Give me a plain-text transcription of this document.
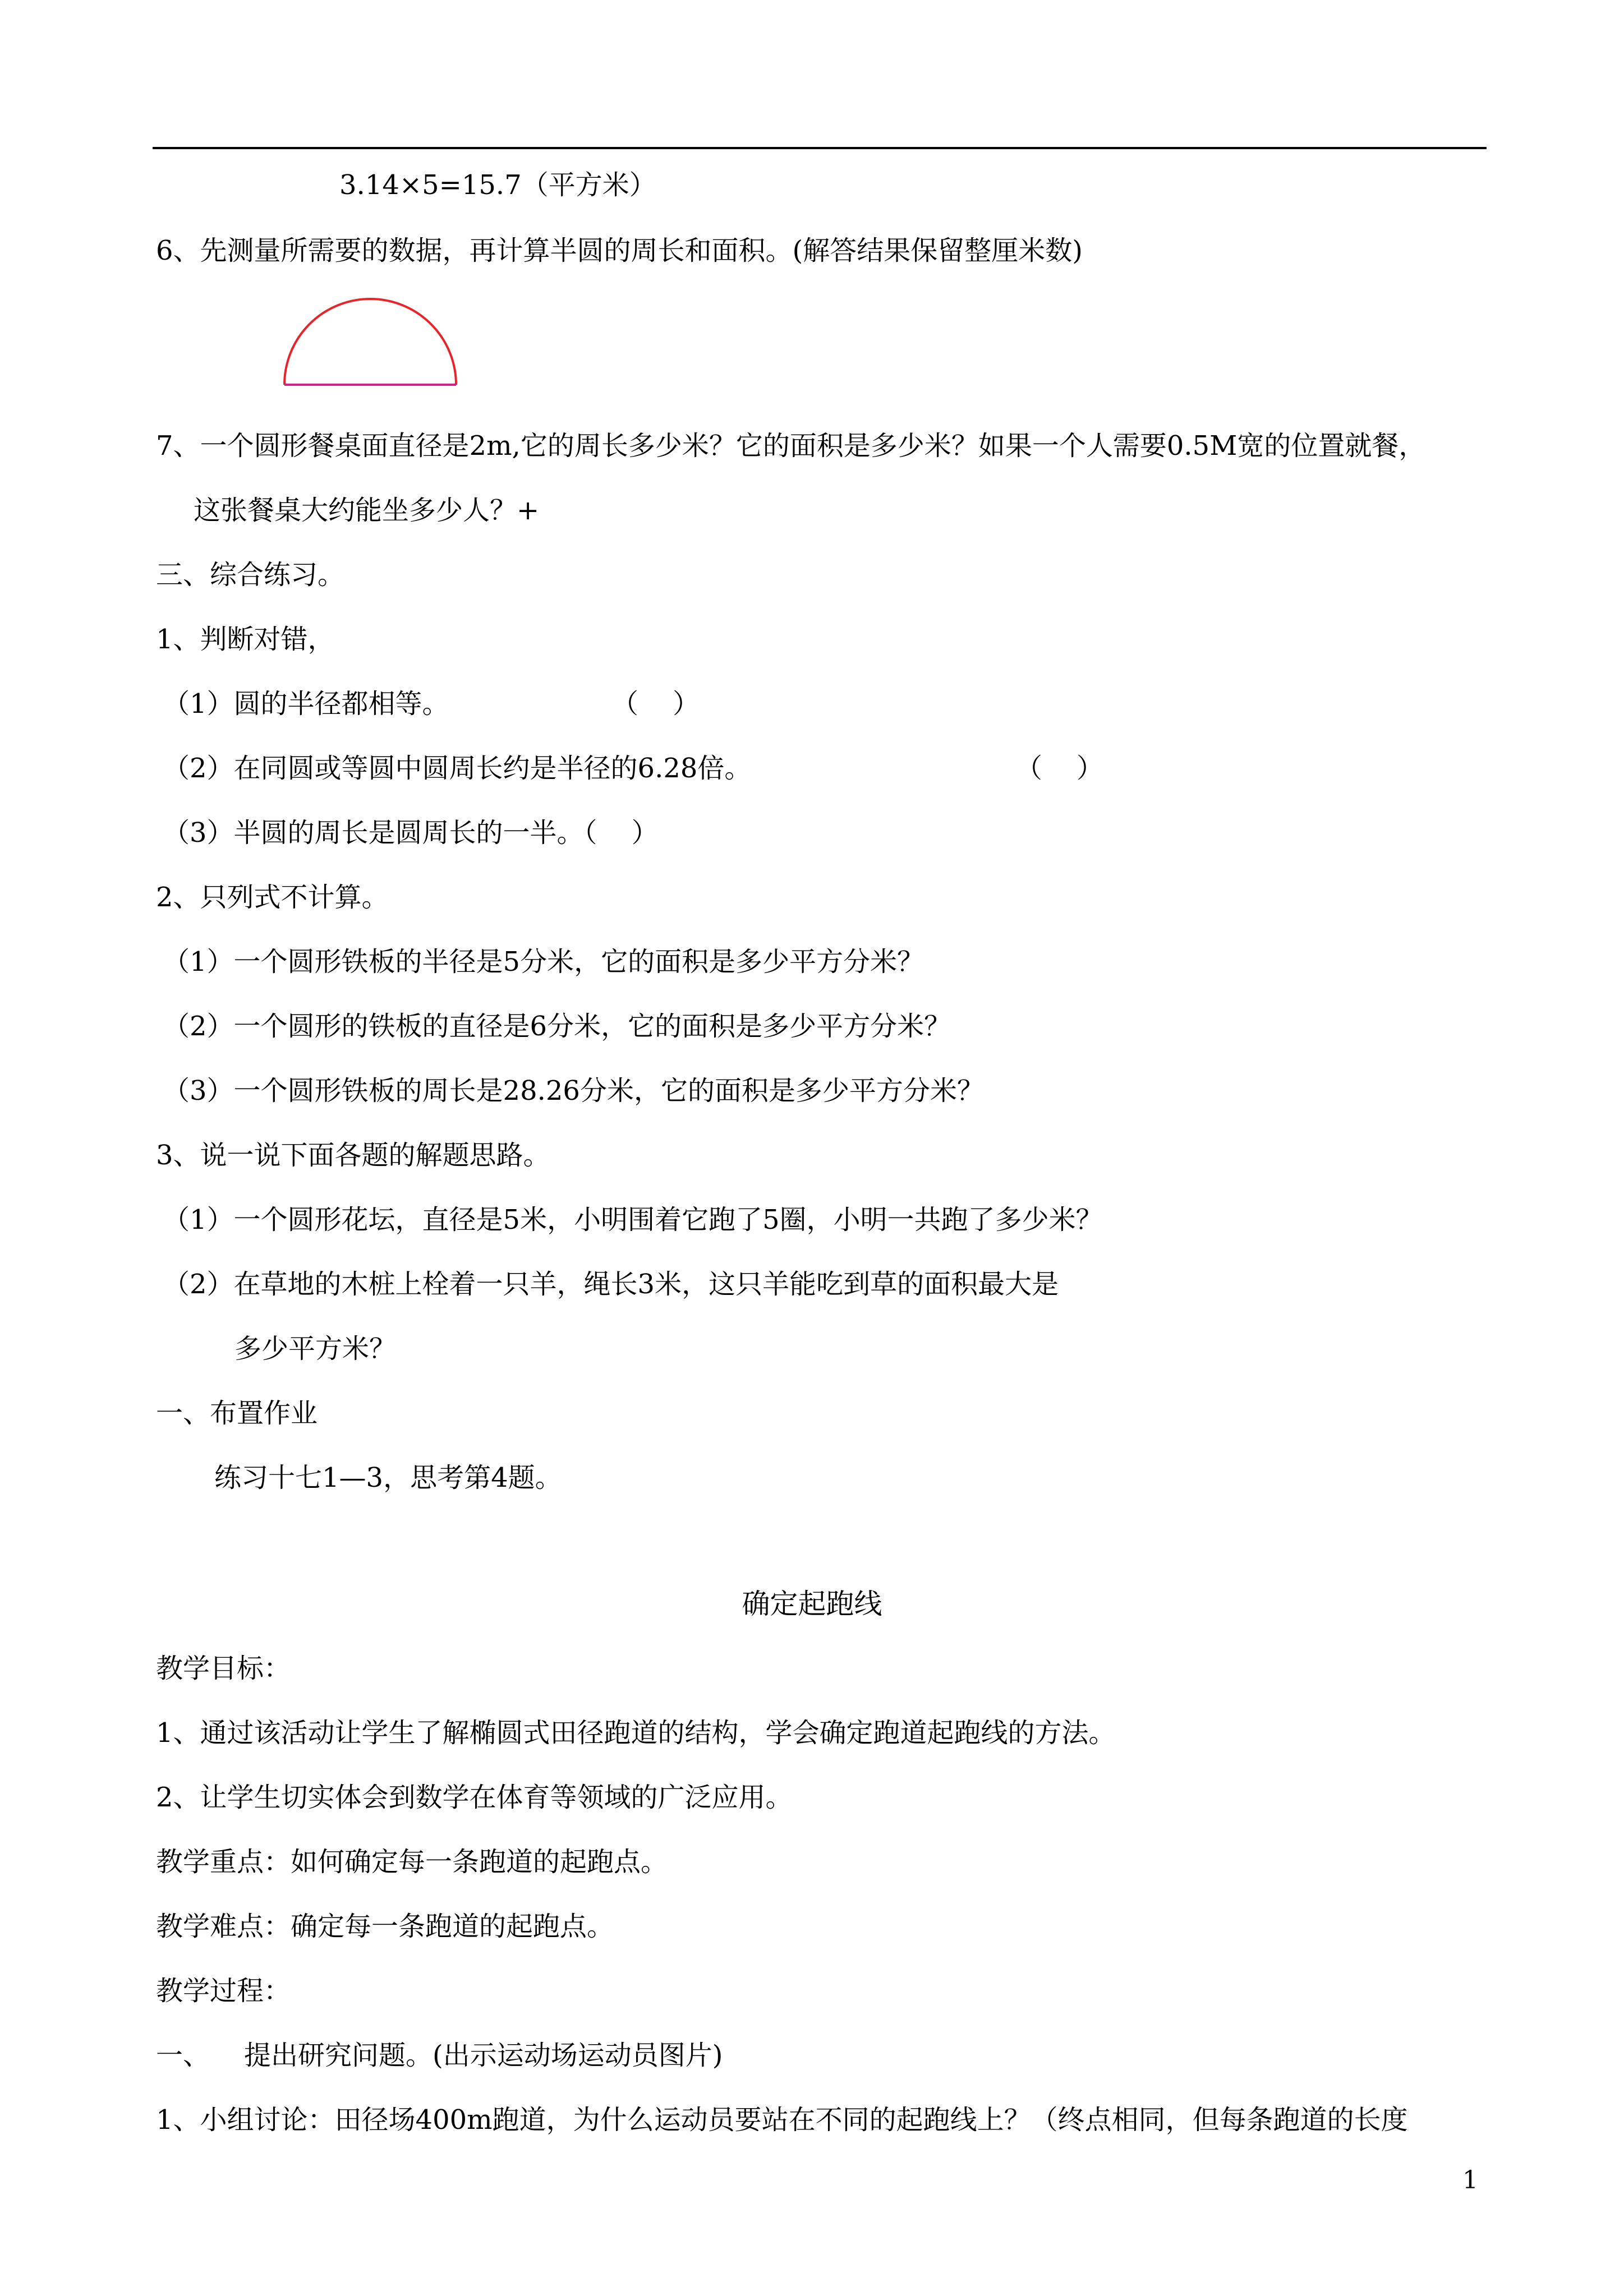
3.14×5=15.7（平方米）
6、先测量所需要的数据，再计算半圆的周长和面积。(解答结果保留整厘米数)
7、一个圆形餐桌面直径是2m,它的周长多少米？它的面积是多少米？如果一个人需要0.5M宽的位置就餐，
这张餐桌大约能坐多少人？+
三、综合练习。
1、判断对错，
（1）圆的半径都相等。	（    ）
（2）在同圆或等圆中圆周长约是半径的6.28倍。	（    ）
（3）半圆的周长是圆周长的一半。（    ）
2、只列式不计算。
（1）一个圆形铁板的半径是5分米，它的面积是多少平方分米？
（2）一个圆形的铁板的直径是6分米，它的面积是多少平方分米？
（3）一个圆形铁板的周长是28.26分米，它的面积是多少平方分米？
3、说一说下面各题的解题思路。
（1）一个圆形花坛，直径是5米，小明围着它跑了5圈，小明一共跑了多少米？
（2）在草地的木桩上栓着一只羊，绳长3米，这只羊能吃到草的面积最大是
多少平方米？
一、布置作业
练习十七1—3，思考第4题。
确定起跑线
教学目标：
1、通过该活动让学生了解椭圆式田径跑道的结构，学会确定跑道起跑线的方法。
2、让学生切实体会到数学在体育等领域的广泛应用。
教学重点：如何确定每一条跑道的起跑点。
教学难点：确定每一条跑道的起跑点。
教学过程：
一、    提出研究问题。(出示运动场运动员图片)
1、小组讨论：田径场400m跑道，为什么运动员要站在不同的起跑线上？（终点相同，但每条跑道的长度
1
